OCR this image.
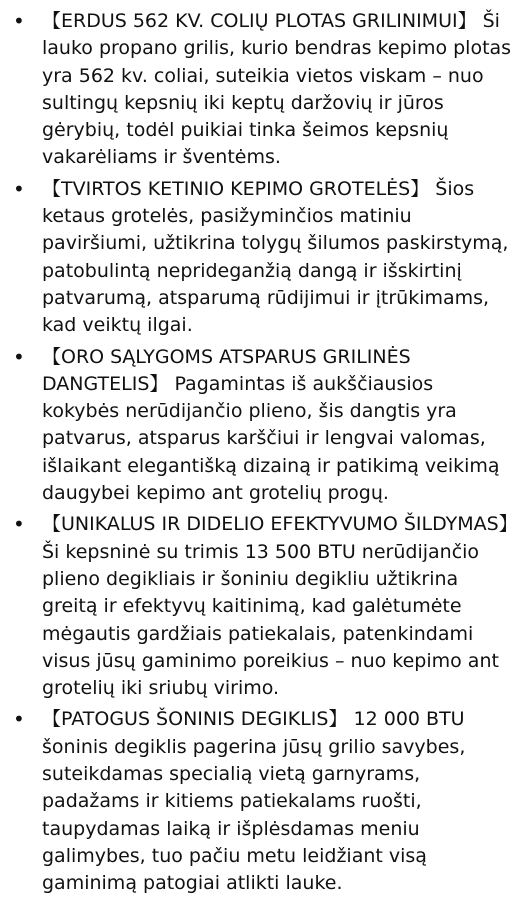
• 【ERDUS 562 KV. COLIŲ PLOTAS GRILINIMUI】 Ši lauko propano grilis, kurio bendras kepimo plotas yra 562 kv. coliai, suteikia vietos viskam – nuo sultingų kepsnių iki keptų daržovių ir jūros gėrybių, todėl puikiai tinka šeimos kepsnių vakarėliams ir šventėms.
• 【TVIRTOS KETINIO KEPIMO GROTELĖS】 Šios ketaus grotelės, pasižyminčios matiniu paviršiumi, užtikrina tolygų šilumos paskirstymą, patobulintą neprideganžią dangą ir išskirtinį patvarumą, atsparumą rūdijimui ir įtrūkimams, kad veiktų ilgai.
• 【ORO SĄLYGOMS ATSPARUS GRILINĖS DANGTELIS】 Pagamintas iš aukščiausios kokybės nerūdijančio plieno, šis dangtis yra patvarus, atsparus karščiui ir lengvai valomas, išlaikant elegantišką dizainą ir patikimą veikimą daugybei kepimo ant grotelių progų.
• 【UNIKALUS IR DIDELIO EFEKTYVUMO ŠILDYMAS】Ši kepsninė su trimis 13 500 BTU nerūdijančio plieno degikliais ir šoniniu degikliu užtikrina greitą ir efektyvų kaitinimą, kad galėtumėte mėgautis gardžiais patiekalais, patenkindami visus jūsų gaminimo poreikius – nuo kepimo ant grotelių iki sriubų virimo.
• 【PATOGUS ŠONINIS DEGIKLIS】 12 000 BTU šoninis degiklis pagerina jūsų grilio savybes, suteikdamas specialią vietą garnyrams, padažams ir kitiems patiekalams ruošti, taupydamas laiką ir išplėsdamas meniu galimybes, tuo pačiu metu leidžiant visą gaminimą patogiai atlikti lauke.
